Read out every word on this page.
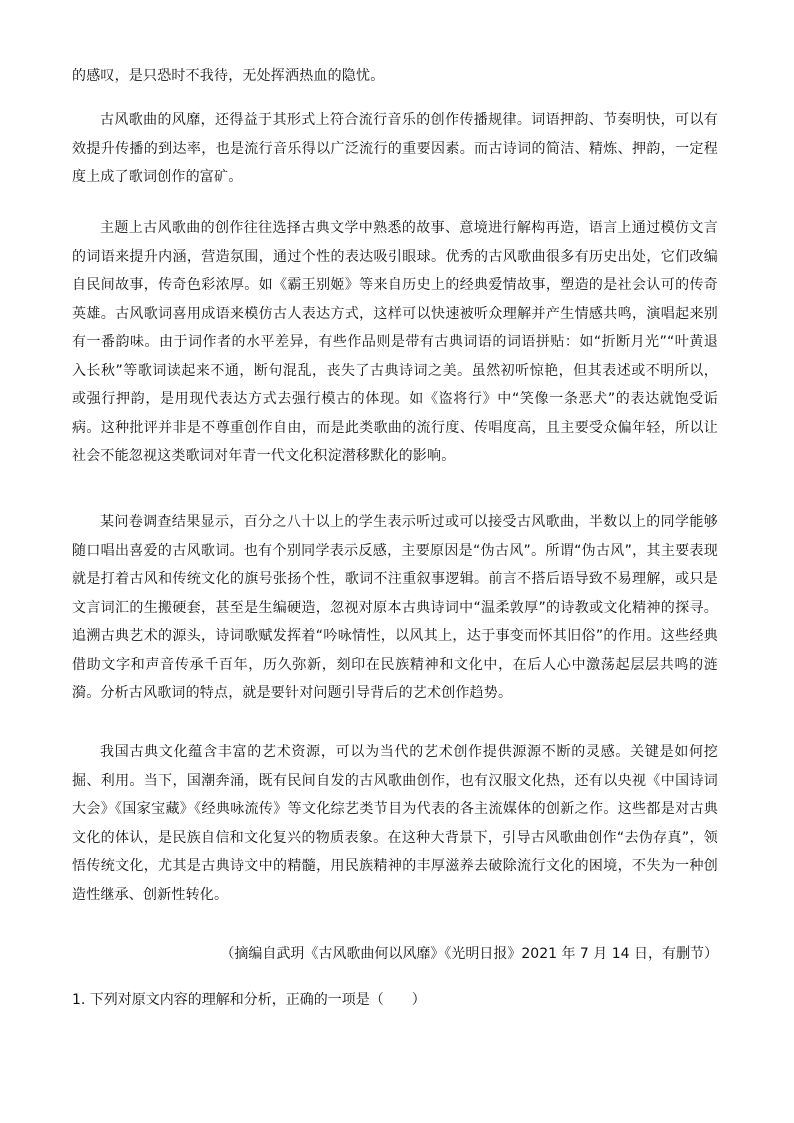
的感叹，是只恐时不我待，无处挥洒热血的隐忧。
古风歌曲的风靡，还得益于其形式上符合流行音乐的创作传播规律。词语押韵、节奏明快，可以有效提升传播的到达率，也是流行音乐得以广泛流行的重要因素。而古诗词的简洁、精炼、押韵，一定程度上成了歌词创作的富矿。
主题上古风歌曲的创作往往选择古典文学中熟悉的故事、意境进行解构再造，语言上通过模仿文言的词语来提升内涵，营造氛围，通过个性的表达吸引眼球。优秀的古风歌曲很多有历史出处，它们改编自民间故事，传奇色彩浓厚。如《霸王别姬》等来自历史上的经典爱情故事，塑造的是社会认可的传奇英雄。古风歌词喜用成语来模仿古人表达方式，这样可以快速被听众理解并产生情感共鸣，演唱起来别有一番韵味。由于词作者的水平差异，有些作品则是带有古典词语的词语拼贴：如“折断月光”“叶黄退入长秋”等歌词读起来不通，断句混乱，丧失了古典诗词之美。虽然初听惊艳，但其表述或不明所以，或强行押韵，是用现代表达方式去强行模古的体现。如《盗将行》中“笑像一条恶犬”的表达就饱受诟病。这种批评并非是不尊重创作自由，而是此类歌曲的流行度、传唱度高，且主要受众偏年轻，所以让社会不能忽视这类歌词对年青一代文化积淀潜移默化的影响。
某问卷调查结果显示，百分之八十以上的学生表示听过或可以接受古风歌曲，半数以上的同学能够随口唱出喜爱的古风歌词。也有个别同学表示反感，主要原因是“伪古风”。所谓“伪古风”，其主要表现就是打着古风和传统文化的旗号张扬个性，歌词不注重叙事逻辑。前言不搭后语导致不易理解，或只是文言词汇的生搬硬套，甚至是生编硬造，忽视对原本古典诗词中“温柔敦厚”的诗教或文化精神的探寻。追溯古典艺术的源头，诗词歌赋发挥着“吟咏情性，以风其上，达于事变而怀其旧俗”的作用。这些经典借助文字和声音传承千百年，历久弥新，刻印在民族精神和文化中，在后人心中激荡起层层共鸣的涟漪。分析古风歌词的特点，就是要针对问题引导背后的艺术创作趋势。
我国古典文化蕴含丰富的艺术资源，可以为当代的艺术创作提供源源不断的灵感。关键是如何挖掘、利用。当下，国潮奔涌，既有民间自发的古风歌曲创作，也有汉服文化热，还有以央视《中国诗词大会》《国家宝藏》《经典咏流传》等文化综艺类节目为代表的各主流媒体的创新之作。这些都是对古典文化的体认，是民族自信和文化复兴的物质表象。在这种大背景下，引导古风歌曲创作“去伪存真”，领悟传统文化，尤其是古典诗文中的精髓，用民族精神的丰厚滋养去破除流行文化的困境，不失为一种创造性继承、创新性转化。
（摘编自武玥《古风歌曲何以风靡》《光明日报》2021 年 7 月 14 日，有删节）
1. 下列对原文内容的理解和分析，正确的一项是（　　）
